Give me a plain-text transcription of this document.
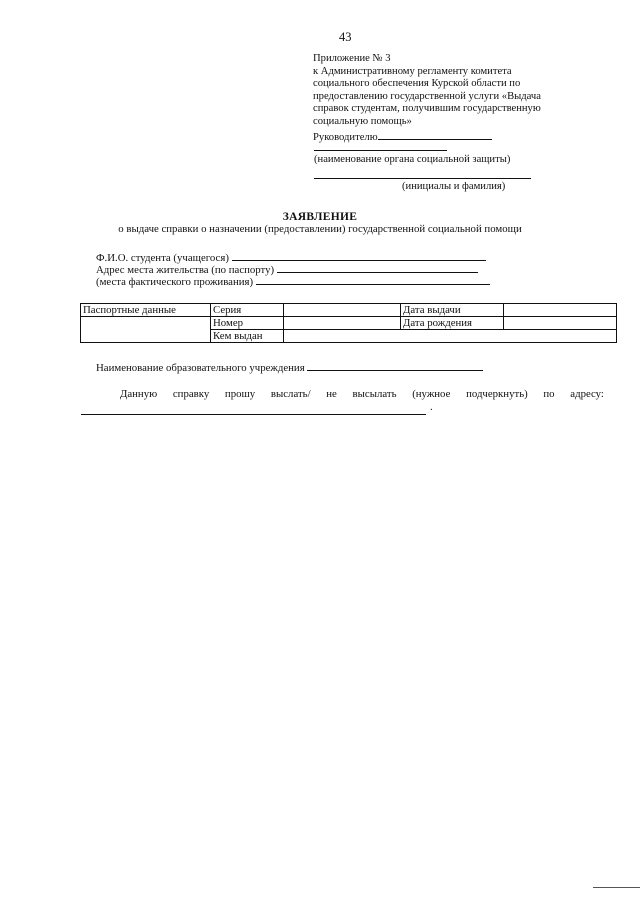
43
Приложение № 3
к Административному регламенту комитета
социального обеспечения Курской области по
предоставлению государственной услуги «Выдача
справок студентам, получившим государственную
социальную помощь»
Руководителю
(наименование органа социальной защиты)
(инициалы и фамилия)
ЗАЯВЛЕНИЕ
о выдаче справки о назначении (предоставлении) государственной социальной помощи
Ф.И.О. студента (учащегося)
Адрес места жительства (по паспорту)
(места фактического проживания)
Паспортные данные	Серия		Дата выдачи	
	Номер		Дата рождения	
	Кем выдан			
Наименование образовательного учреждения
Данную справку прошу выслать/ не высылать (нужное подчеркнуть) по адресу:
.
